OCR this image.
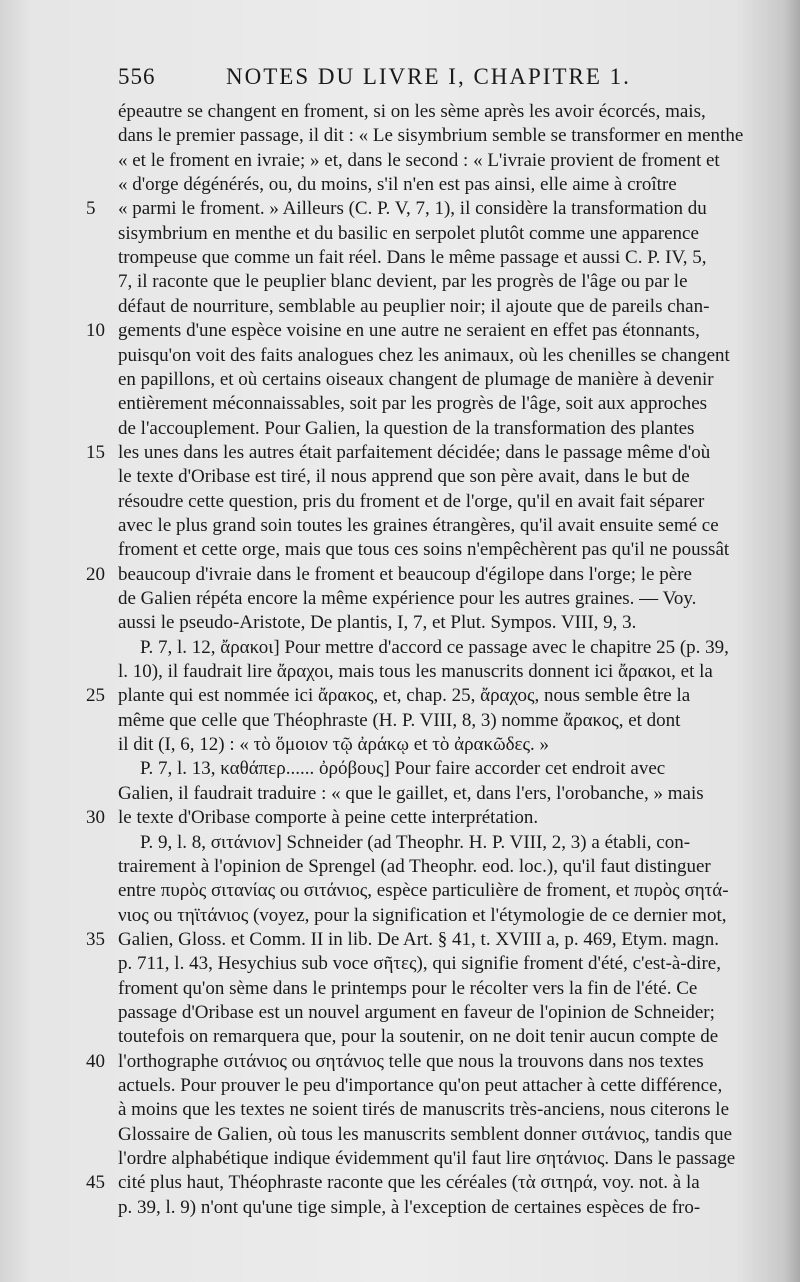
556	NOTES DU LIVRE I, CHAPITRE 1.
épeautre se changent en froment, si on les sème après les avoir écorcés, mais,
dans le premier passage, il dit : « Le sisymbrium semble se transformer en menthe
« et le froment en ivraie; » et, dans le second : « L'ivraie provient de froment et
« d'orge dégénérés, ou, du moins, s'il n'en est pas ainsi, elle aime à croître
« parmi le froment. » Ailleurs (C. P. V, 7, 1), il considère la transformation du
sisymbrium en menthe et du basilic en serpolet plutôt comme une apparence
trompeuse que comme un fait réel. Dans le même passage et aussi C. P. IV, 5,
7, il raconte que le peuplier blanc devient, par les progrès de l'âge ou par le
défaut de nourriture, semblable au peuplier noir; il ajoute que de pareils chan-
gements d'une espèce voisine en une autre ne seraient en effet pas étonnants,
puisqu'on voit des faits analogues chez les animaux, où les chenilles se changent
en papillons, et où certains oiseaux changent de plumage de manière à devenir
entièrement méconnaissables, soit par les progrès de l'âge, soit aux approches
de l'accouplement. Pour Galien, la question de la transformation des plantes
les unes dans les autres était parfaitement décidée; dans le passage même d'où
le texte d'Oribase est tiré, il nous apprend que son père avait, dans le but de
résoudre cette question, pris du froment et de l'orge, qu'il en avait fait séparer
avec le plus grand soin toutes les graines étrangères, qu'il avait ensuite semé ce
froment et cette orge, mais que tous ces soins n'empêchèrent pas qu'il ne poussât
beaucoup d'ivraie dans le froment et beaucoup d'égilope dans l'orge; le père
de Galien répéta encore la même expérience pour les autres graines. — Voy.
aussi le pseudo-Aristote, De plantis, I, 7, et Plut. Sympos. VIII, 9, 3.
P. 7, l. 12, ἄρακοι] Pour mettre d'accord ce passage avec le chapitre 25 (p. 39,
l. 10), il faudrait lire ἄραχοι, mais tous les manuscrits donnent ici ἄρακοι, et la
plante qui est nommée ici ἄρακος, et, chap. 25, ἄραχος, nous semble être la
même que celle que Théophraste (H. P. VIII, 8, 3) nomme ἄρακος, et dont
il dit (I, 6, 12) : « τὸ ὅμοιον τῷ ἀράκῳ et τὸ ἀρακῶδες. »
P. 7, l. 13, καθάπερ...... ὀρόβους] Pour faire accorder cet endroit avec
Galien, il faudrait traduire : « que le gaillet, et, dans l'ers, l'orobanche, » mais
le texte d'Oribase comporte à peine cette interprétation.
P. 9, l. 8, σιτάνιον] Schneider (ad Theophr. H. P. VIII, 2, 3) a établi, con-
trairement à l'opinion de Sprengel (ad Theophr. eod. loc.), qu'il faut distinguer
entre πυρὸς σιτανίας ou σιτάνιος, espèce particulière de froment, et πυρὸς σητά-
νιος ou τηϊτάνιος (voyez, pour la signification et l'étymologie de ce dernier mot,
Galien, Gloss. et Comm. II in lib. De Art. § 41, t. XVIII a, p. 469, Etym. magn.
p. 711, l. 43, Hesychius sub voce σῆτες), qui signifie froment d'été, c'est-à-dire,
froment qu'on sème dans le printemps pour le récolter vers la fin de l'été. Ce
passage d'Oribase est un nouvel argument en faveur de l'opinion de Schneider;
toutefois on remarquera que, pour la soutenir, on ne doit tenir aucun compte de
l'orthographe σιτάνιος ou σητάνιος telle que nous la trouvons dans nos textes
actuels. Pour prouver le peu d'importance qu'on peut attacher à cette différence,
à moins que les textes ne soient tirés de manuscrits très-anciens, nous citerons le
Glossaire de Galien, où tous les manuscrits semblent donner σιτάνιος, tandis que
l'ordre alphabétique indique évidemment qu'il faut lire σητάνιος. Dans le passage
cité plus haut, Théophraste raconte que les céréales (τὰ σιτηρά, voy. not. à la
p. 39, l. 9) n'ont qu'une tige simple, à l'exception de certaines espèces de fro-
5
10
15
20
25
30
35
40
45
